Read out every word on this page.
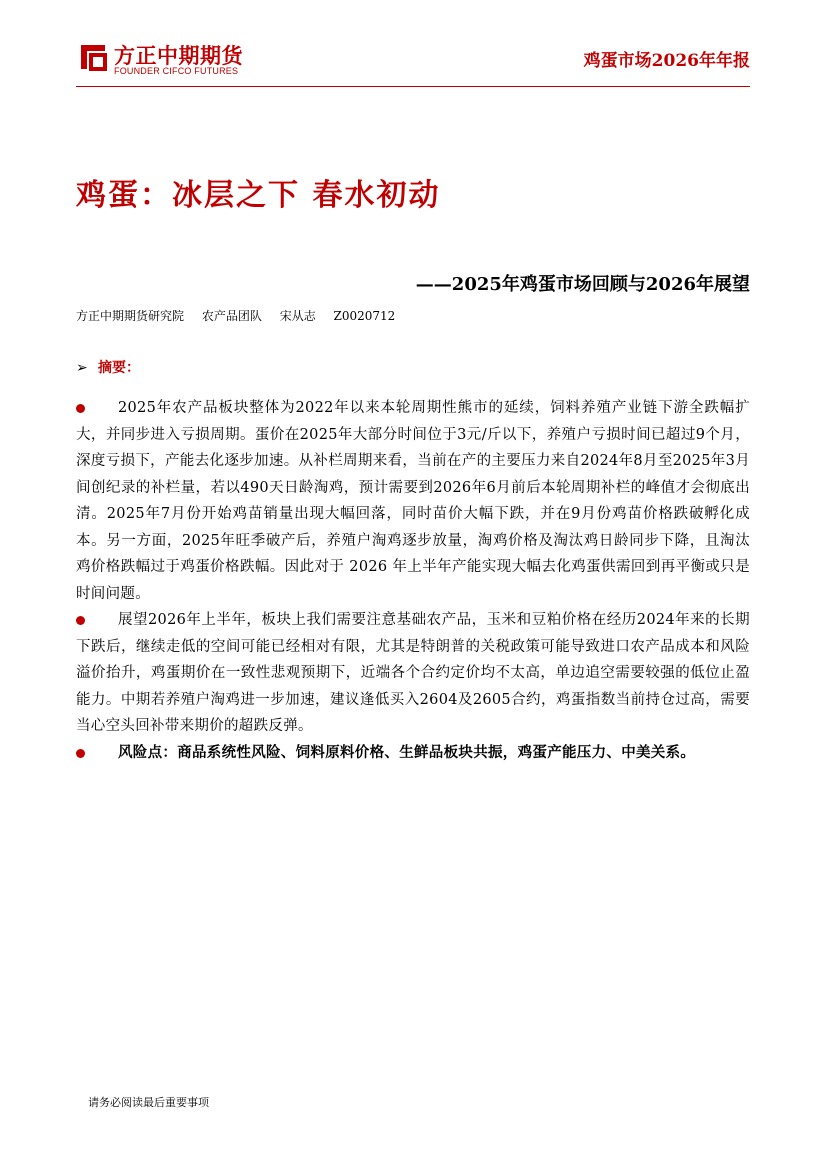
方正中期期货
FOUNDER CIFCO FUTURES	鸡蛋市场2026年年报
鸡蛋：冰层之下 春水初动
——2025年鸡蛋市场回顾与2026年展望
方正中期期货研究院 农产品团队 宋从志 Z0020712
➢ 摘要：

2025年农产品板块整体为2022年以来本轮周期性熊市的延续，饲料养殖产业链下游全跌幅扩大，并同步进入亏损周期。蛋价在2025年大部分时间位于3元/斤以下，养殖户亏损时间已超过9个月，深度亏损下，产能去化逐步加速。从补栏周期来看，当前在产的主要压力来自2024年8月至2025年3月间创纪录的补栏量，若以490天日龄淘鸡，预计需要到2026年6月前后本轮周期补栏的峰值才会彻底出清。2025年7月份开始鸡苗销量出现大幅回落，同时苗价大幅下跌，并在9月份鸡苗价格跌破孵化成本。另一方面，2025年旺季破产后，养殖户淘鸡逐步放量，淘鸡价格及淘汰鸡日龄同步下降，且淘汰鸡价格跌幅过于鸡蛋价格跌幅。因此对于 2026 年上半年产能实现大幅去化鸡蛋供需回到再平衡或只是时间问题。

展望2026年上半年，板块上我们需要注意基础农产品，玉米和豆粕价格在经历2024年来的长期下跌后，继续走低的空间可能已经相对有限，尤其是特朗普的关税政策可能导致进口农产品成本和风险溢价抬升，鸡蛋期价在一致性悲观预期下，近端各个合约定价均不太高，单边追空需要较强的低位止盈能力。中期若养殖户淘鸡进一步加速，建议逢低买入2604及2605合约，鸡蛋指数当前持仓过高，需要当心空头回补带来期价的超跌反弹。

风险点：商品系统性风险、饲料原料价格、生鲜品板块共振，鸡蛋产能压力、中美关系。

请务必阅读最后重要事项
